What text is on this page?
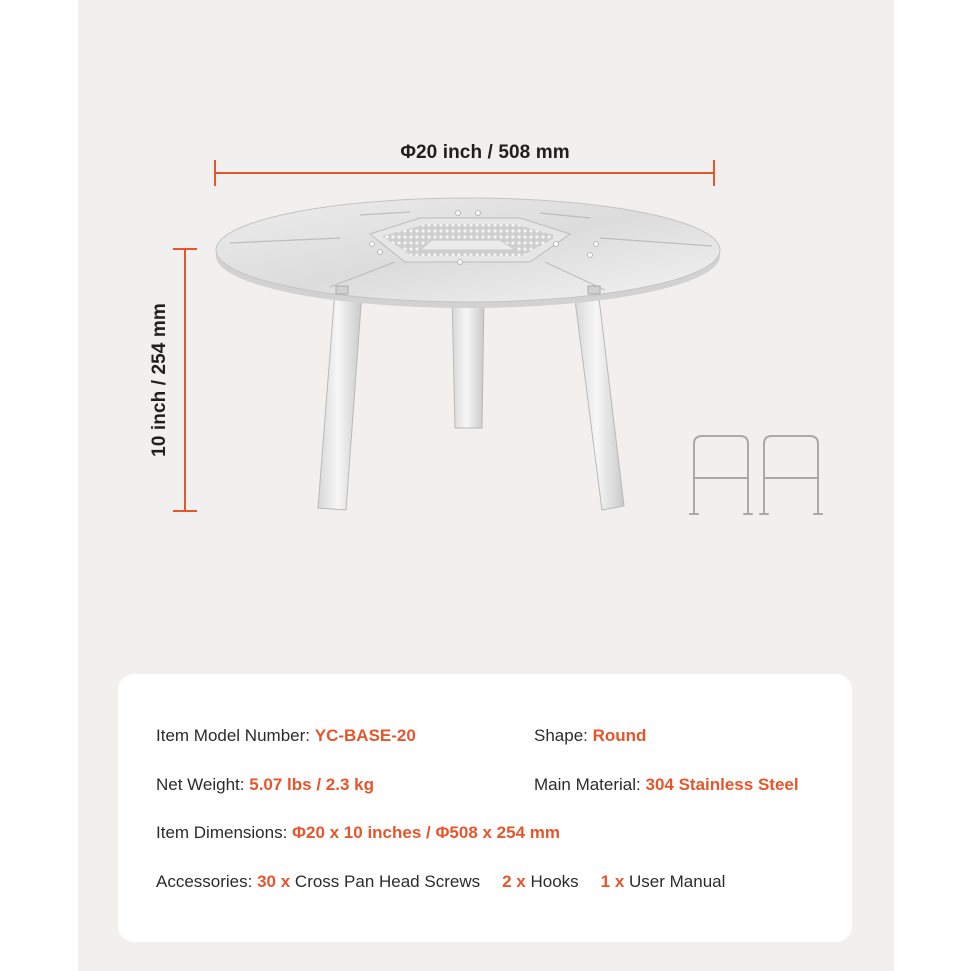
Φ20 inch / 508 mm
10 inch / 254 mm
Item Model Number: YC-BASE-20	Shape: Round
Net Weight: 5.07 lbs / 2.3 kg	Main Material: 304 Stainless Steel
Item Dimensions: Φ20 x 10 inches / Φ508 x 254 mm
Accessories: 30 x Cross Pan Head Screws 2 x Hooks 1 x User Manual
